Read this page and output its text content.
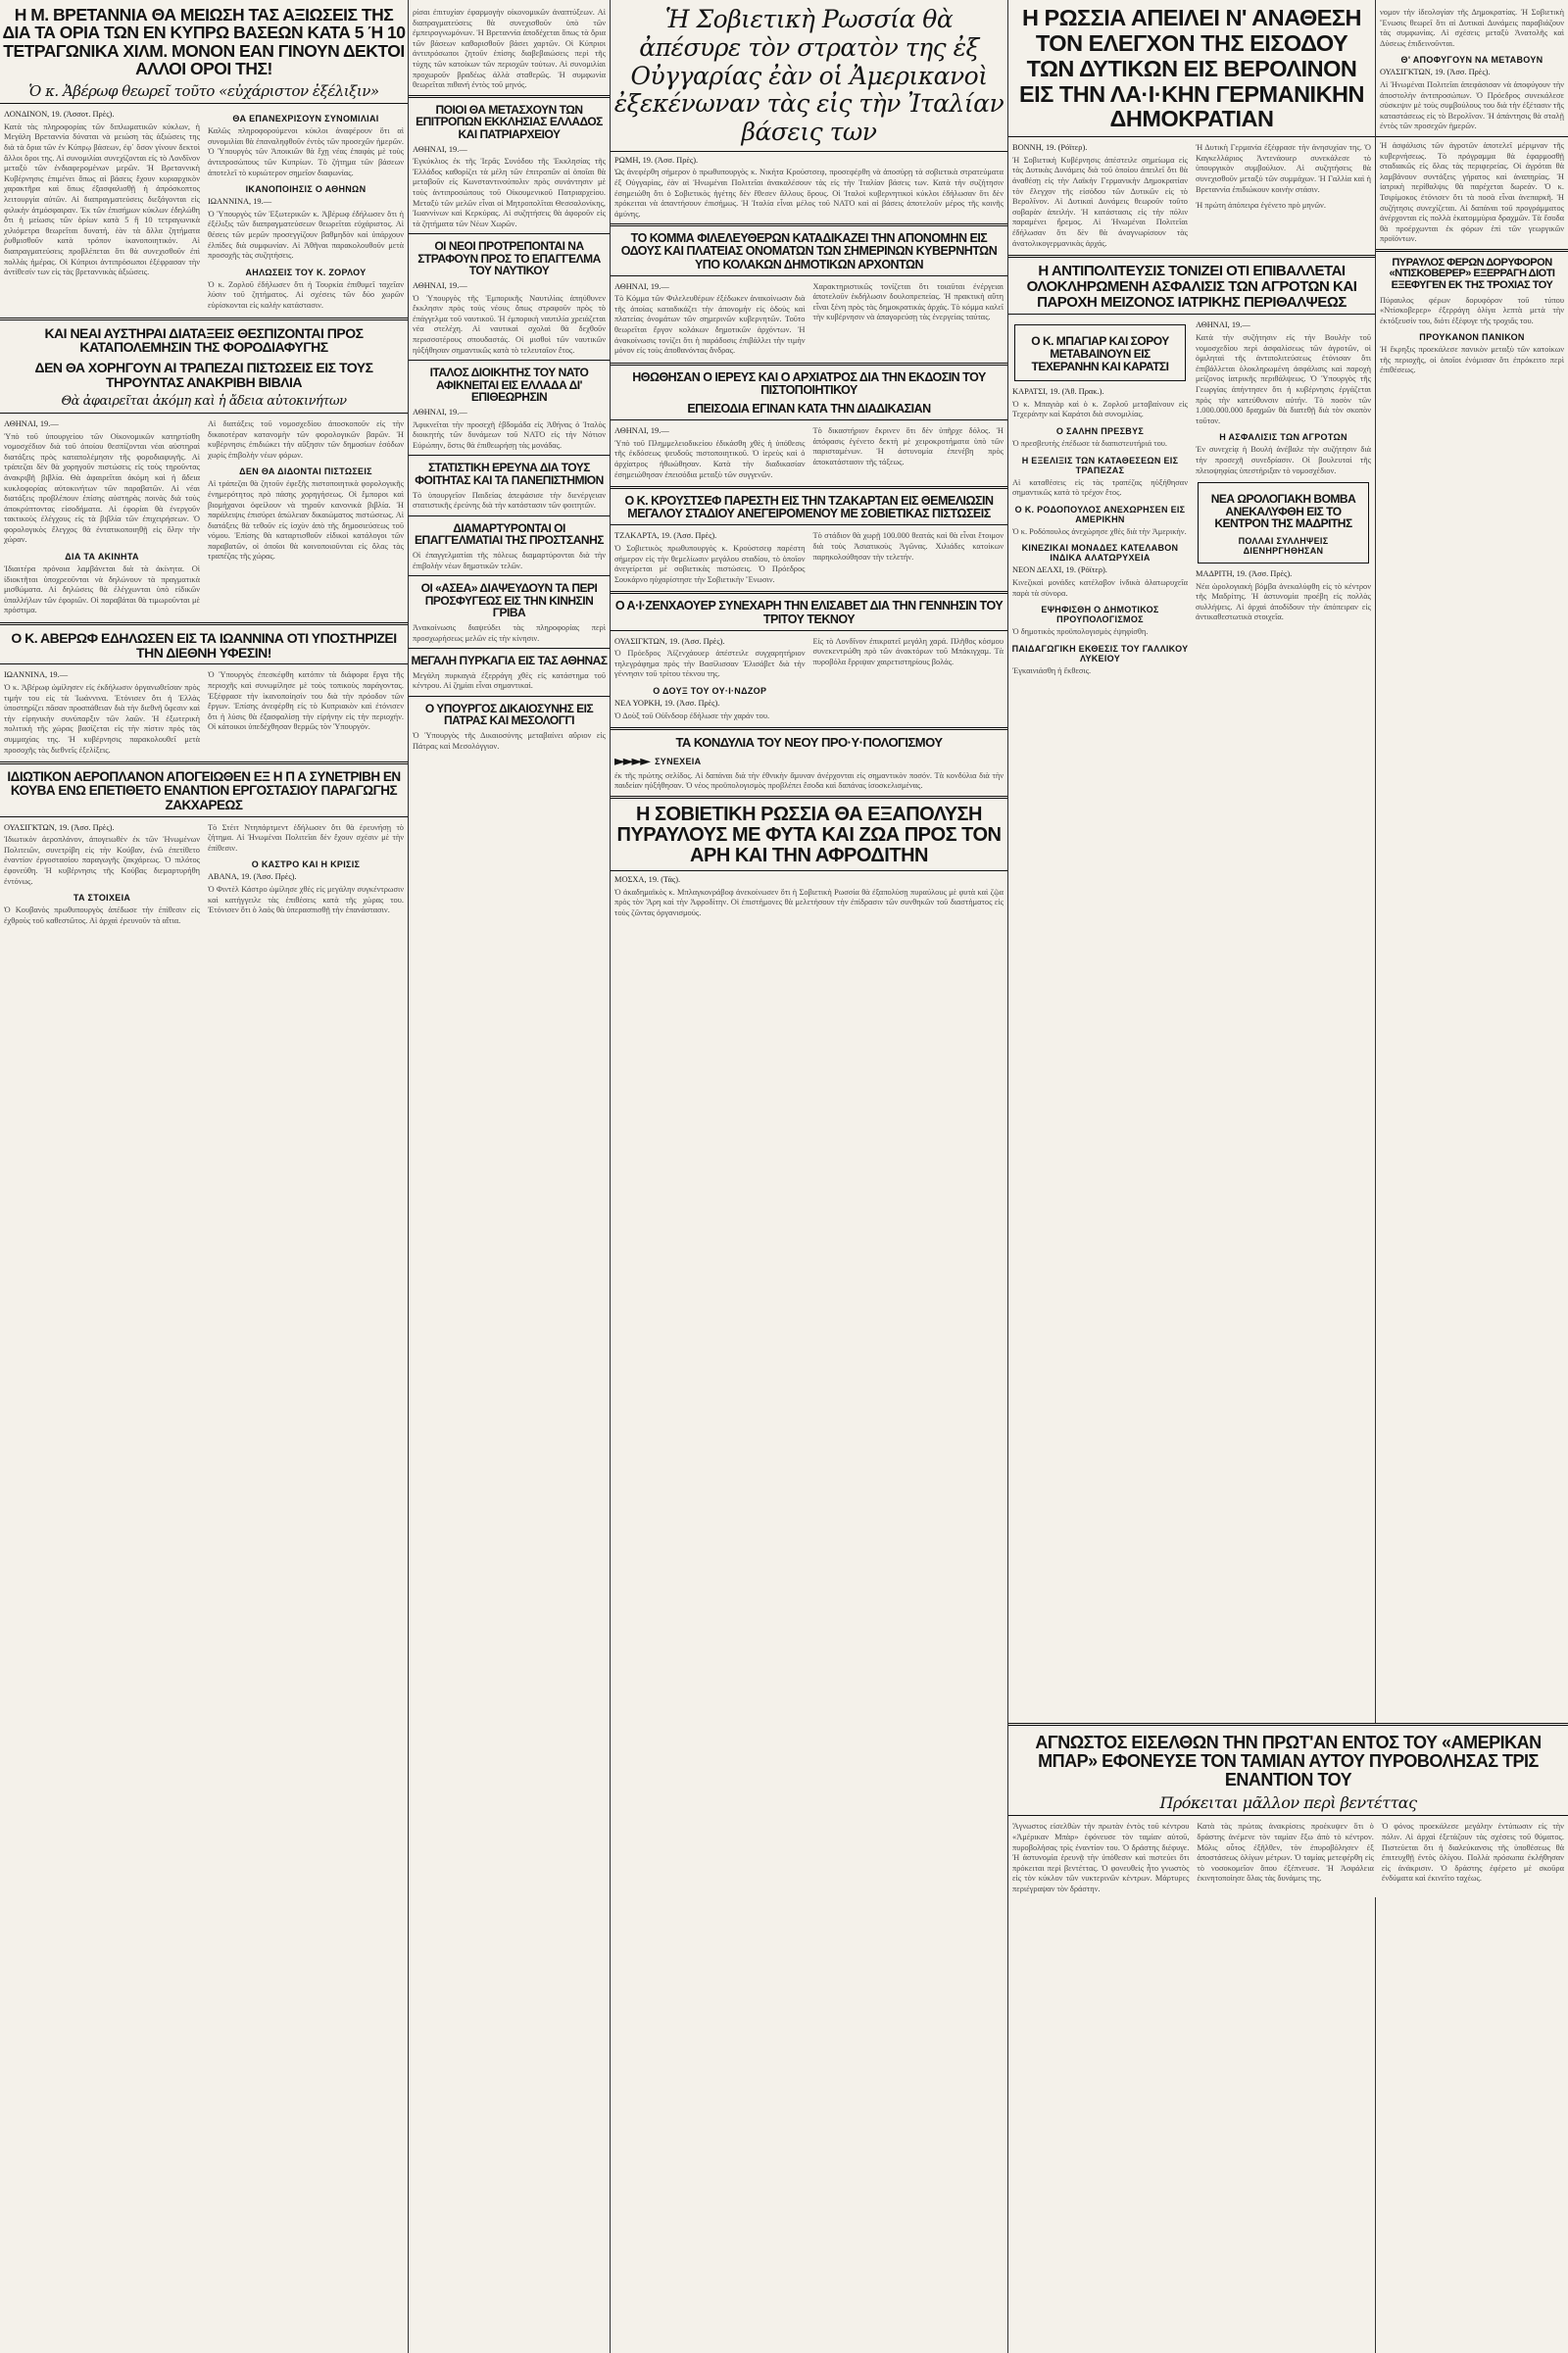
Η Μ. ΒΡΕΤΑΝΝΙΑ ΘΑ ΜΕΙΩΣΗ ΤΑΣ ΑΞΙΩΣΕΙΣ ΤΗΣ ΔΙΑ ΤΑ ΟΡΙΑ ΤΩΝ ΕΝ ΚΥΠΡΩ ΒΑΣΕΩΝ ΚΑΤΑ 5 Ή 10 ΤΕΤΡΑΓΩΝΙΚΑ ΧΙΛΜ. ΜΟΝΟΝ ΕΑΝ ΓΙΝΟΥΝ ΔΕΚΤΟΙ ΑΛΛΟΙ ΟΡΟΙ ΤΗΣ!
Ὁ κ. Ἀβέρωφ θεωρεῖ τοῦτο «εὐχάριστον ἐξέλιξιν»
ΛΟΝΔΙΝΟΝ, 19. (Ἀσσοτ. Πρὲς).
Κατὰ τὰς πληροφορίας τῶν διπλωματικῶν κύκλων, ἡ Μεγάλη Βρεταννία δύναται νὰ μειώση τὰς ἀξιώσεις της διὰ τὰ ὅρια τῶν ἐν Κύπρῳ βάσεων, ἐφ᾽ ὅσον γίνουν δεκτοὶ ἄλλοι ὅροι της. Αἱ συνομιλίαι συνεχίζονται εἰς τὸ Λονδῖνον μεταξὺ τῶν ἐνδιαφερομένων μερῶν. Ἡ Βρεταννικὴ Κυβέρνησις ἐπιμένει ὅπως αἱ βάσεις ἔχουν κυριαρχικὸν χαρακτῆρα καὶ ὅπως ἐξασφαλισθῇ ἡ ἀπρόσκοπτος λειτουργία αὐτῶν. Αἱ διαπραγματεύσεις διεξάγονται εἰς φιλικὴν ἀτμόσφαιραν. Ἐκ τῶν ἐπισήμων κύκλων ἐδηλώθη ὅτι ἡ μείωσις τῶν ὁρίων κατὰ 5 ἢ 10 τετραγωνικὰ χιλιόμετρα θεωρεῖται δυνατή, ἐὰν τὰ ἄλλα ζητήματα ῥυθμισθοῦν κατὰ τρόπον ἱκανοποιητικόν. Αἱ διαπραγματεύσεις προβλέπεται ὅτι θὰ συνεχισθοῦν ἐπὶ πολλὰς ἡμέρας. Οἱ Κύπριοι ἀντιπρόσωποι ἐξέφρασαν τὴν ἀντίθεσίν των εἰς τὰς βρεταννικὰς ἀξιώσεις.
ΘΑ ΕΠΑΝΕΧΡΙΣΟΥΝ ΣΥΝΟΜΙΛΙΑΙ
Καλῶς πληροφορούμενοι κύκλοι ἀναφέρουν ὅτι αἱ συνομιλίαι θὰ ἐπαναληφθοῦν ἐντὸς τῶν προσεχῶν ἡμερῶν. Ὁ Ὑπουργὸς τῶν Ἀποικιῶν θὰ ἔχῃ νέας ἐπαφὰς μὲ τοὺς ἀντιπροσώπους τῶν Κυπρίων. Τὸ ζήτημα τῶν βάσεων ἀποτελεῖ τὸ κυριώτερον σημεῖον διαφωνίας.
ΙΚΑΝΟΠΟΙΗΣΙΣ Ο ΑΘΗΝΩΝ
ΙΩΑΝΝΙΝΑ, 19.—
Ὁ Ὑπουργὸς τῶν Ἐξωτερικῶν κ. Ἀβέρωφ ἐδήλωσεν ὅτι ἡ ἐξέλιξις τῶν διαπραγματεύσεων θεωρεῖται εὐχάριστος. Αἱ θέσεις τῶν μερῶν προσεγγίζουν βαθμηδὸν καὶ ὑπάρχουν ἐλπίδες διὰ συμφωνίαν. Αἱ Ἀθῆναι παρακολουθοῦν μετὰ προσοχῆς τὰς συζητήσεις.
ΑΗΛΩΣΕΙΣ ΤΟΥ Κ. ΖΟΡΛΟΥ
Ὁ κ. Ζορλοῦ ἐδήλωσεν ὅτι ἡ Τουρκία ἐπιθυμεῖ ταχεῖαν λύσιν τοῦ ζητήματος. Αἱ σχέσεις τῶν δύο χωρῶν εὑρίσκονται εἰς καλὴν κατάστασιν.
ΚΑΙ ΝΕΑΙ ΑΥΣΤΗΡΑΙ ΔΙΑΤΑΞΕΙΣ ΘΕΣΠΙΖΟΝΤΑΙ ΠΡΟΣ ΚΑΤΑΠΟΛΕΜΗΣΙΝ ΤΗΣ ΦΟΡΟΔΙΑΦΥΓΗΣ
ΔΕΝ ΘΑ ΧΟΡΗΓΟΥΝ ΑΙ ΤΡΑΠΕΖΑΙ ΠΙΣΤΩΣΕΙΣ ΕΙΣ ΤΟΥΣ ΤΗΡΟΥΝΤΑΣ ΑΝΑΚΡΙΒΗ ΒΙΒΛΙΑ
Θὰ ἀφαιρεῖται ἀκόμη καὶ ἡ ἄδεια αὐτοκινήτων
ΑΘΗΝΑΙ, 19.—
Ὑπὸ τοῦ ὑπουργείου τῶν Οἰκονομικῶν κατηρτίσθη νομοσχέδιον διὰ τοῦ ὁποίου θεσπίζονται νέαι αὐστηραὶ διατάξεις πρὸς καταπολέμησιν τῆς φοροδιαφυγῆς. Αἱ τράπεζαι δὲν θὰ χορηγοῦν πιστώσεις εἰς τοὺς τηροῦντας ἀνακριβῆ βιβλία. Θὰ ἀφαιρεῖται ἀκόμη καὶ ἡ ἄδεια κυκλοφορίας αὐτοκινήτων τῶν παραβατῶν. Αἱ νέαι διατάξεις προβλέπουν ἐπίσης αὐστηρὰς ποινὰς διὰ τοὺς ἀποκρύπτοντας εἰσοδήματα. Αἱ ἐφορίαι θὰ ἐνεργοῦν τακτικοὺς ἐλέγχους εἰς τὰ βιβλία τῶν ἐπιχειρήσεων. Ὁ φορολογικὸς ἔλεγχος θὰ ἐντατικοποιηθῇ εἰς ὅλην τὴν χώραν.
ΔΙΑ ΤΑ ΑΚΙΝΗΤΑ
Ἰδιαιτέρα πρόνοια λαμβάνεται διὰ τὰ ἀκίνητα. Οἱ ἰδιοκτῆται ὑποχρεοῦνται νὰ δηλώνουν τὰ πραγματικὰ μισθώματα. Αἱ δηλώσεις θὰ ἐλέγχωνται ὑπὸ εἰδικῶν ὑπαλλήλων τῶν ἐφοριῶν. Οἱ παραβάται θὰ τιμωροῦνται μὲ πρόστιμα.
Αἱ διατάξεις τοῦ νομοσχεδίου ἀποσκοποῦν εἰς τὴν δικαιοτέραν κατανομὴν τῶν φορολογικῶν βαρῶν. Ἡ κυβέρνησις ἐπιδιώκει τὴν αὔξησιν τῶν δημοσίων ἐσόδων χωρὶς ἐπιβολὴν νέων φόρων.
ΔΕΝ ΘΑ ΔΙΔΟΝΤΑΙ ΠΙΣΤΩΣΕΙΣ
Αἱ τράπεζαι θὰ ζητοῦν ἐφεξῆς πιστοποιητικὰ φορολογικῆς ἐνημερότητος πρὸ πάσης χορηγήσεως. Οἱ ἔμποροι καὶ βιομήχανοι ὀφείλουν νὰ τηροῦν κανονικὰ βιβλία. Ἡ παράλειψις ἐπισύρει ἀπώλειαν δικαιώματος πιστώσεως. Αἱ διατάξεις θὰ τεθοῦν εἰς ἰσχὺν ἀπὸ τῆς δημοσιεύσεως τοῦ νόμου. Ἐπίσης θὰ καταρτισθοῦν εἰδικοὶ κατάλογοι τῶν παραβατῶν, οἱ ὁποῖοι θὰ κοινοποιοῦνται εἰς ὅλας τὰς τραπέζας τῆς χώρας.
Ο Κ. ΑΒΕΡΩΦ ΕΔΗΛΩΣΕΝ ΕΙΣ ΤΑ ΙΩΑΝΝΙΝΑ ΟΤΙ ΥΠΟΣΤΗΡΙΖΕΙ ΤΗΝ ΔΙΕΘΝΗ ΥΦΕΣΙΝ!
ΙΩΑΝΝΙΝΑ, 19.—
Ὁ κ. Ἀβέρωφ ὡμίλησεν εἰς ἐκδήλωσιν ὀργανωθεῖσαν πρὸς τιμήν του εἰς τὰ Ἰωάννινα. Ἐτόνισεν ὅτι ἡ Ἑλλὰς ὑποστηρίζει πᾶσαν προσπάθειαν διὰ τὴν διεθνῆ ὕφεσιν καὶ τὴν εἰρηνικὴν συνύπαρξιν τῶν λαῶν. Ἡ ἐξωτερικὴ πολιτικὴ τῆς χώρας βασίζεται εἰς τὴν πίστιν πρὸς τὰς συμμαχίας της. Ἡ κυβέρνησις παρακολουθεῖ μετὰ προσοχῆς τὰς διεθνεῖς ἐξελίξεις.
Ὁ Ὑπουργὸς ἐπεσκέφθη κατόπιν τὰ διάφορα ἔργα τῆς περιοχῆς καὶ συνωμίλησε μὲ τοὺς τοπικοὺς παράγοντας. Ἐξέφρασε τὴν ἱκανοποίησίν του διὰ τὴν πρόοδον τῶν ἔργων. Ἐπίσης ἀνεφέρθη εἰς τὸ Κυπριακὸν καὶ ἐτόνισεν ὅτι ἡ λύσις θὰ ἐξασφαλίσῃ τὴν εἰρήνην εἰς τὴν περιοχήν. Οἱ κάτοικοι ὑπεδέχθησαν θερμῶς τὸν Ὑπουργόν.
ΙΔΙΩΤΙΚΟΝ ΑΕΡΟΠΛΑΝΟΝ ΑΠΟΓΕΙΩΘΕΝ ΕΞ Η Π Α ΣΥΝΕΤΡΙΒΗ ΕΝ ΚΟΥΒΑ ΕΝΩ ΕΠΕΤΙΘΕΤΟ ΕΝΑΝΤΙΟΝ ΕΡΓΟΣΤΑΣΙΟΥ ΠΑΡΑΓΩΓΗΣ ΖΑΚΧΑΡΕΩΣ
ΟΥΑΣΙΓΚΤΩΝ, 19. (Ἀσσ. Πρὲς).
Ἰδιωτικὸν ἀεροπλάνον, ἀπογειωθὲν ἐκ τῶν Ἡνωμένων Πολιτειῶν, συνετρίβη εἰς τὴν Κούβαν, ἐνῶ ἐπετίθετο ἐναντίον ἐργοστασίου παραγωγῆς ζακχάρεως. Ὁ πιλότος ἐφονεύθη. Ἡ κυβέρνησις τῆς Κούβας διεμαρτυρήθη ἐντόνως.
ΤΑ ΣΤΟΙΧΕΙΑ
Ὁ Κουβανὸς πρωθυπουργὸς ἀπέδωσε τὴν ἐπίθεσιν εἰς ἐχθροὺς τοῦ καθεστῶτος. Αἱ ἀρχαὶ ἐρευνοῦν τὰ αἴτια.
Τὸ Στέιτ Ντηπάρτμεντ ἐδήλωσεν ὅτι θὰ ἐρευνήσῃ τὸ ζήτημα. Αἱ Ἡνωμέναι Πολιτεῖαι δὲν ἔχουν σχέσιν μὲ τὴν ἐπίθεσιν.
Ο ΚΑΣΤΡΟ ΚΑΙ Η ΚΡΙΣΙΣ
ΑΒΑΝΑ, 19. (Ἀσσ. Πρὲς).
Ὁ Φιντὲλ Κάστρο ὡμίλησε χθὲς εἰς μεγάλην συγκέντρωσιν καὶ κατήγγειλε τὰς ἐπιθέσεις κατὰ τῆς χώρας του. Ἐτόνισεν ὅτι ὁ λαὸς θὰ ὑπερασπισθῇ τὴν ἐπανάστασιν.
ρίσαι ἐπιτυχίαν ἐφαρμογὴν οἰκονομικῶν ἀναπτύξεων. Αἱ διαπραγματεύσεις θὰ συνεχισθοῦν ὑπὸ τῶν ἐμπειρογνωμόνων. Ἡ Βρεταννία ἀποδέχεται ὅπως τὰ ὅρια τῶν βάσεων καθορισθοῦν βάσει χαρτῶν. Οἱ Κύπριοι ἀντιπρόσωποι ζητοῦν ἐπίσης διαβεβαιώσεις περὶ τῆς τύχης τῶν κατοίκων τῶν περιοχῶν τούτων. Αἱ συνομιλίαι προχωροῦν βραδέως ἀλλὰ σταθερῶς. Ἡ συμφωνία θεωρεῖται πιθανή ἐντὸς τοῦ μηνός.
ΠΟΙΟΙ ΘΑ ΜΕΤΑΣΧΟΥΝ ΤΩΝ ΕΠΙΤΡΟΠΩΝ ΕΚΚΛΗΣΙΑΣ ΕΛΛΑΔΟΣ ΚΑΙ ΠΑΤΡΙΑΡΧΕΙΟΥ
ΑΘΗΝΑΙ, 19.—
Ἐγκύκλιος ἐκ τῆς Ἱερᾶς Συνόδου τῆς Ἐκκλησίας τῆς Ἑλλάδος καθορίζει τὰ μέλη τῶν ἐπιτροπῶν αἱ ὁποῖαι θὰ μεταβοῦν εἰς Κωνσταντινούπολιν πρὸς συνάντησιν μὲ τοὺς ἀντιπροσώπους τοῦ Οἰκουμενικοῦ Πατριαρχείου. Μεταξὺ τῶν μελῶν εἶναι οἱ Μητροπολῖται Θεσσαλονίκης, Ἰωαννίνων καὶ Κερκύρας. Αἱ συζητήσεις θὰ ἀφοροῦν εἰς τὰ ζητήματα τῶν Νέων Χωρῶν.
ΟΙ ΝΕΟΙ ΠΡΟΤΡΕΠΟΝΤΑΙ ΝΑ ΣΤΡΑΦΟΥΝ ΠΡΟΣ ΤΟ ΕΠΑΓΓΕΛΜΑ ΤΟΥ ΝΑΥΤΙΚΟΥ
ΑΘΗΝΑΙ, 19.—
Ὁ Ὑπουργὸς τῆς Ἐμπορικῆς Ναυτιλίας ἀπηύθυνεν ἔκκλησιν πρὸς τοὺς νέους ὅπως στραφοῦν πρὸς τὸ ἐπάγγελμα τοῦ ναυτικοῦ. Ἡ ἐμπορικὴ ναυτιλία χρειάζεται νέα στελέχη. Αἱ ναυτικαὶ σχολαὶ θὰ δεχθοῦν περισσοτέρους σπουδαστάς. Οἱ μισθοὶ τῶν ναυτικῶν ηὐξήθησαν σημαντικῶς κατὰ τὸ τελευταῖον ἔτος.
ΙΤΑΛΟΣ ΔΙΟΙΚΗΤΗΣ ΤΟΥ ΝΑΤΟ ΑΦΙΚΝΕΙΤΑΙ ΕΙΣ ΕΛΛΑΔΑ ΔΙ' ΕΠΙΘΕΩΡΗΣΙΝ
ΑΘΗΝΑΙ, 19.—
Ἀφικνεῖται τὴν προσεχῆ ἑβδομάδα εἰς Ἀθήνας ὁ Ἰταλὸς διοικητὴς τῶν δυνάμεων τοῦ ΝΑΤΟ εἰς τὴν Νότιον Εὐρώπην, ὅστις θὰ ἐπιθεωρήσῃ τὰς μονάδας.
ΣΤΑΤΙΣΤΙΚΗ ΕΡΕΥΝΑ ΔΙΑ ΤΟΥΣ ΦΟΙΤΗΤΑΣ ΚΑΙ ΤΑ ΠΑΝΕΠΙΣΤΗΜΙΟΝ
Τὸ ὑπουργεῖον Παιδείας ἀπεφάσισε τὴν διενέργειαν στατιστικῆς ἐρεύνης διὰ τὴν κατάστασιν τῶν φοιτητῶν.
ΔΙΑΜΑΡΤΥΡΟΝΤΑΙ ΟΙ ΕΠΑΓΓΕΛΜΑΤΙΑΙ ΤΗΣ ΠΡΟΣΤΣΑΝΗΣ
Οἱ ἐπαγγελματίαι τῆς πόλεως διαμαρτύρονται διὰ τὴν ἐπιβολὴν νέων δημοτικῶν τελῶν.
ΟΙ «ΑΣΕΑ» ΔΙΑΨΕΥΔΟΥΝ ΤΑ ΠΕΡΙ ΠΡΟΣΦΥΓΕΩΣ ΕΙΣ ΤΗΝ ΚΙΝΗΣΙΝ ΓΡΙΒΑ
Ἀνακοίνωσις διαψεύδει τὰς πληροφορίας περὶ προσχωρήσεως μελῶν εἰς τὴν κίνησιν.
ΜΕΓΑΛΗ ΠΥΡΚΑΓΙΑ ΕΙΣ ΤΑΣ ΑΘΗΝΑΣ
Μεγάλη πυρκαγιὰ ἐξερράγη χθὲς εἰς κατάστημα τοῦ κέντρου. Αἱ ζημίαι εἶναι σημαντικαί.
Ο ΥΠΟΥΡΓΟΣ ΔΙΚΑΙΟΣΥΝΗΣ ΕΙΣ ΠΑΤΡΑΣ ΚΑΙ ΜΕΣΟΛΟΓΓΙ
Ὁ Ὑπουργὸς τῆς Δικαιοσύνης μεταβαίνει αὔριον εἰς Πάτρας καὶ Μεσολόγγιον.
Ἡ Σοβιετικὴ Ρωσσία θὰ ἀπέσυρε τὸν στρατὸν της ἐξ Οὐγγαρίας ἐὰν οἱ Ἀμερικανοὶ ἐξεκένωναν τὰς εἰς τὴν Ἰταλίαν βάσεις των
ΡΩΜΗ, 19. (Ἀσσ. Πρὲς).
Ὡς ἀνεφέρθη σήμερον ὁ πρωθυπουργὸς κ. Νικήτα Κρούστσεφ, προσεφέρθη νὰ ἀποσύρῃ τὰ σοβιετικὰ στρατεύματα ἐξ Οὐγγαρίας, ἐὰν αἱ Ἡνωμέναι Πολιτεῖαι ἀνακαλέσουν τὰς εἰς τὴν Ἰταλίαν βάσεις των. Κατὰ τὴν συζήτησιν ἐσημειώθη ὅτι ὁ Σοβιετικὸς ἡγέτης δὲν ἔθεσεν ἄλλους ὅρους. Οἱ Ἰταλοὶ κυβερνητικοὶ κύκλοι ἐδήλωσαν ὅτι δὲν πρόκειται νὰ ἀπαντήσουν ἐπισήμως. Ἡ Ἰταλία εἶναι μέλος τοῦ ΝΑΤΟ καὶ αἱ βάσεις ἀποτελοῦν μέρος τῆς κοινῆς ἀμύνης.
ΤΟ ΚΟΜΜΑ ΦΙΛΕΛΕΥΘΕΡΩΝ ΚΑΤΑΔΙΚΑΖΕΙ ΤΗΝ ΑΠΟΝΟΜΗΝ ΕΙΣ ΟΔΟΥΣ ΚΑΙ ΠΛΑΤΕΙΑΣ ΟΝΟΜΑΤΩΝ ΤΩΝ ΣΗΜΕΡΙΝΩΝ ΚΥΒΕΡΝΗΤΩΝ ΥΠΟ ΚΟΛΑΚΩΝ ΔΗΜΟΤΙΚΩΝ ΑΡΧΟΝΤΩΝ
ΑΘΗΝΑΙ, 19.—
Τὸ Κόμμα τῶν Φιλελευθέρων ἐξέδωκεν ἀνακοίνωσιν διὰ τῆς ὁποίας καταδικάζει τὴν ἀπονομὴν εἰς ὁδοὺς καὶ πλατείας ὀνομάτων τῶν σημερινῶν κυβερνητῶν. Τοῦτο θεωρεῖται ἔργον κολάκων δημοτικῶν ἀρχόντων. Ἡ ἀνακοίνωσις τονίζει ὅτι ἡ παράδοσις ἐπιβάλλει τὴν τιμὴν μόνον εἰς τοὺς ἀποθανόντας ἄνδρας.
Χαρακτηριστικῶς τονίζεται ὅτι τοιαῦται ἐνέργειαι ἀποτελοῦν ἐκδήλωσιν δουλοπρεπείας. Ἡ πρακτικὴ αὕτη εἶναι ξένη πρὸς τὰς δημοκρατικὰς ἀρχάς. Τὸ κόμμα καλεῖ τὴν κυβέρνησιν νὰ ἀπαγορεύσῃ τὰς ἐνεργείας ταύτας.
ΗΘΩΘΗΣΑΝ Ο ΙΕΡΕΥΣ ΚΑΙ Ο ΑΡΧΙΑΤΡΟΣ ΔΙΑ ΤΗΝ ΕΚΔΟΣΙΝ ΤΟΥ ΠΙΣΤΟΠΟΙΗΤΙΚΟΥ
ΕΠΕΙΣΟΔΙΑ ΕΓΙΝΑΝ ΚΑΤΑ ΤΗΝ ΔΙΑΔΙΚΑΣΙΑΝ
ΑΘΗΝΑΙ, 19.—
Ὑπὸ τοῦ Πλημμελειοδικείου ἐδικάσθη χθὲς ἡ ὑπόθεσις τῆς ἐκδόσεως ψευδοῦς πιστοποιητικοῦ. Ὁ ἱερεὺς καὶ ὁ ἀρχίατρος ἠθωώθησαν. Κατὰ τὴν διαδικασίαν ἐσημειώθησαν ἐπεισόδια μεταξὺ τῶν συγγενῶν.
Τὸ δικαστήριον ἔκρινεν ὅτι δὲν ὑπῆρχε δόλος. Ἡ ἀπόφασις ἐγένετο δεκτὴ μὲ χειροκροτήματα ὑπὸ τῶν παρισταμένων. Ἡ ἀστυνομία ἐπενέβη πρὸς ἀποκατάστασιν τῆς τάξεως.
Ο Κ. ΚΡΟΥΣΤΣΕΦ ΠΑΡΕΣΤΗ ΕΙΣ ΤΗΝ ΤΖΑΚΑΡΤΑΝ ΕΙΣ ΘΕΜΕΛΙΩΣΙΝ ΜΕΓΑΛΟΥ ΣΤΑΔΙΟΥ ΑΝΕΓΕΙΡΟΜΕΝΟΥ ΜΕ ΣΟΒΙΕΤΙΚΑΣ ΠΙΣΤΩΣΕΙΣ
ΤΖΑΚΑΡΤΑ, 19. (Ἀσσ. Πρὲς).
Ὁ Σοβιετικὸς πρωθυπουργὸς κ. Κρούστσεφ παρέστη σήμερον εἰς τὴν θεμελίωσιν μεγάλου σταδίου, τὸ ὁποῖον ἀνεγείρεται μὲ σοβιετικὰς πιστώσεις. Ὁ Πρόεδρος Σουκάρνο ηὐχαρίστησε τὴν Σοβιετικὴν Ἕνωσιν.
Τὸ στάδιον θὰ χωρῇ 100.000 θεατάς καὶ θὰ εἶναι ἕτοιμον διὰ τοὺς Ἀσιατικοὺς Ἀγῶνας. Χιλιάδες κατοίκων παρηκολούθησαν τὴν τελετήν.
Ο Α·Ι·ΖΕΝΧΑΟΥΕΡ ΣΥΝΕΧΑΡΗ ΤΗΝ ΕΛΙΣΑΒΕΤ ΔΙΑ ΤΗΝ ΓΕΝΝΗΣΙΝ ΤΟΥ ΤΡΙΤΟΥ ΤΕΚΝΟΥ
ΟΥΑΣΙΓΚΤΩΝ, 19. (Ἀσσ. Πρὲς).
Ὁ Πρόεδρος Ἀϊζενχάουερ ἀπέστειλε συγχαρητήριον τηλεγράφημα πρὸς τὴν Βασίλισσαν Ἐλισάβετ διὰ τὴν γέννησιν τοῦ τρίτου τέκνου της.
Ο ΔΟΥΞ ΤΟΥ ΟΥ·Ι·ΝΔΖΟΡ
ΝΕΑ ΥΟΡΚΗ, 19. (Ἀσσ. Πρὲς).
Ὁ Δοὺξ τοῦ Οὐΐνδσορ ἐδήλωσε τὴν χαράν του.
Εἰς τὸ Λονδῖνον ἐπικρατεῖ μεγάλη χαρά. Πλῆθος κόσμου συνεκεντρώθη πρὸ τῶν ἀνακτόρων τοῦ Μπάκιγχαμ. Τὰ πυροβόλα ἔρριψαν χαιρετιστηρίους βολάς.
ΤΑ ΚΟΝΔΥΛΙΑ ΤΟΥ ΝΕΟΥ ΠΡΟ·Υ·ΠΟΛΟΓΙΣΜΟΥ
►►►► ΣΥΝΕΧΕΙΑ
ἐκ τῆς πρώτης σελίδος. Αἱ δαπάναι διὰ τὴν ἐθνικὴν ἄμυναν ἀνέρχονται εἰς σημαντικὸν ποσόν. Τὰ κονδύλια διὰ τὴν παιδείαν ηὐξήθησαν. Ὁ νέος προϋπολογισμὸς προβλέπει ἔσοδα καὶ δαπάνας ἰσοσκελισμένας.
Η ΣΟΒΙΕΤΙΚΗ ΡΩΣΣΙΑ ΘΑ ΕΞΑΠΟΛΥΣΗ ΠΥΡΑΥΛΟΥΣ ΜΕ ΦΥΤΑ ΚΑΙ ΖΩΑ ΠΡΟΣ ΤΟΝ ΑΡΗ ΚΑΙ ΤΗΝ ΑΦΡΟΔΙΤΗΝ
ΜΟΣΧΑ, 19. (Τάς).
Ὁ ἀκαδημαϊκὸς κ. Μπλαγκονράβοφ ἀνεκοίνωσεν ὅτι ἡ Σοβιετικὴ Ρωσσία θὰ ἐξαπολύσῃ πυραύλους μὲ φυτὰ καὶ ζῷα πρὸς τὸν Ἄρη καὶ τὴν Ἀφροδίτην. Οἱ ἐπιστήμονες θὰ μελετήσουν τὴν ἐπίδρασιν τῶν συνθηκῶν τοῦ διαστήματος εἰς τοὺς ζῶντας ὀργανισμούς.
Η ΡΩΣΣΙΑ ΑΠΕΙΛΕΙ Ν' ΑΝΑΘΕΣΗ ΤΟΝ ΕΛΕΓΧΟΝ ΤΗΣ ΕΙΣΟΔΟΥ ΤΩΝ ΔΥΤΙΚΩΝ ΕΙΣ ΒΕΡΟΛΙΝΟΝ ΕΙΣ ΤΗΝ ΛΑ·Ι·ΚΗΝ ΓΕΡΜΑΝΙΚΗΝ ΔΗΜΟΚΡΑΤΙΑΝ
ΒΟΝΝΗ, 19. (Ρόϊτερ).
Ἡ Σοβιετικὴ Κυβέρνησις ἀπέστειλε σημείωμα εἰς τὰς Δυτικὰς Δυνάμεις διὰ τοῦ ὁποίου ἀπειλεῖ ὅτι θὰ ἀναθέσῃ εἰς τὴν Λαϊκὴν Γερμανικὴν Δημοκρατίαν τὸν ἔλεγχον τῆς εἰσόδου τῶν Δυτικῶν εἰς τὸ Βερολῖνον. Αἱ Δυτικαὶ Δυνάμεις θεωροῦν τοῦτο σοβαρὰν ἀπειλήν. Ἡ κατάστασις εἰς τὴν πόλιν παραμένει ἤρεμος. Αἱ Ἡνωμέναι Πολιτεῖαι ἐδήλωσαν ὅτι δὲν θὰ ἀναγνωρίσουν τὰς ἀνατολικογερμανικὰς ἀρχάς.
Ἡ Δυτικὴ Γερμανία ἐξέφρασε τὴν ἀνησυχίαν της. Ὁ Καγκελλάριος Ἀντενάουερ συνεκάλεσε τὸ ὑπουργικὸν συμβούλιον. Αἱ συζητήσεις θὰ συνεχισθοῦν μεταξὺ τῶν συμμάχων. Ἡ Γαλλία καὶ ἡ Βρεταννία ἐπιδιώκουν κοινὴν στάσιν.
Ἡ πρώτη ἀπόπειρα ἐγένετο πρὸ μηνῶν.
Η ΑΝΤΙΠΟΛΙΤΕΥΣΙΣ ΤΟΝΙΖΕΙ ΟΤΙ ΕΠΙΒΑΛΛΕΤΑΙ ΟΛΟΚΛΗΡΩΜΕΝΗ ΑΣΦΑΛΙΣΙΣ ΤΩΝ ΑΓΡΟΤΩΝ ΚΑΙ ΠΑΡΟΧΗ ΜΕΙΖΟΝΟΣ ΙΑΤΡΙΚΗΣ ΠΕΡΙΘΑΛΨΕΩΣ
Ο Κ. ΜΠΑΓΙΑΡ ΚΑΙ ΣΟΡΟΥ ΜΕΤΑΒΑΙΝΟΥΝ ΕΙΣ ΤΕΧΕΡΑΝΗΝ ΚΑΙ ΚΑΡΑΤΣΙ
ΚΑΡΑΤΣΙ, 19. (Ἀθ. Πρακ.).
Ὁ κ. Μπαγιὰρ καὶ ὁ κ. Ζορλοῦ μεταβαίνουν εἰς Τεχεράνην καὶ Καράτσι διὰ συνομιλίας.
Ο ΣΑΛΗΝ ΠΡΕΣΒΥΣ
Ὁ πρεσβευτὴς ἐπέδωσε τὰ διαπιστευτήριά του.
Η ΕΞΕΛΙΞΙΣ ΤΩΝ ΚΑΤΑΘΕΣΕΩΝ ΕΙΣ ΤΡΑΠΕΖΑΣ
Αἱ καταθέσεις εἰς τὰς τραπέζας ηὐξήθησαν σημαντικῶς κατὰ τὸ τρέχον ἔτος.
Ο Κ. ΡΟΔΟΠΟΥΛΟΣ ΑΝΕΧΩΡΗΣΕΝ ΕΙΣ ΑΜΕΡΙΚΗΝ
Ὁ κ. Ροδόπουλος ἀνεχώρησε χθὲς διὰ τὴν Ἀμερικήν.
ΚΙΝΕΖΙΚΑΙ ΜΟΝΑΔΕΣ ΚΑΤΕΛΑΒΟΝ ΙΝΔΙΚΑ ΑΛΑΤΩΡΥΧΕΙΑ
ΝΕΟΝ ΔΕΛΧΙ, 19. (Ρόϊτερ).
Κινεζικαὶ μονάδες κατέλαβον ἰνδικὰ ἁλατωρυχεῖα παρὰ τὰ σύνορα.
ΕΨΗΦΙΣΘΗ Ο ΔΗΜΟΤΙΚΟΣ ΠΡΟΥΠΟΛΟΓΙΣΜΟΣ
Ὁ δημοτικὸς προϋπολογισμὸς ἐψηφίσθη.
ΠΑΙΔΑΓΩΓΙΚΗ ΕΚΘΕΣΙΣ ΤΟΥ ΓΑΛΛΙΚΟΥ ΛΥΚΕΙΟΥ
Ἐγκαινιάσθη ἡ ἔκθεσις.
ΑΘΗΝΑΙ, 19.—
Κατὰ τὴν συζήτησιν εἰς τὴν Βουλὴν τοῦ νομοσχεδίου περὶ ἀσφαλίσεως τῶν ἀγροτῶν, οἱ ὁμιληταὶ τῆς ἀντιπολιτεύσεως ἐτόνισαν ὅτι ἐπιβάλλεται ὁλοκληρωμένη ἀσφάλισις καὶ παροχὴ μείζονος ἰατρικῆς περιθάλψεως. Ὁ Ὑπουργὸς τῆς Γεωργίας ἀπήντησεν ὅτι ἡ κυβέρνησις ἐργάζεται πρὸς τὴν κατεύθυνσιν αὐτήν. Τὸ ποσὸν τῶν 1.000.000.000 δραχμῶν θὰ διατεθῇ διὰ τὸν σκοπὸν τοῦτον.
Η ΑΣΦΑΛΙΣΙΣ ΤΩΝ ΑΓΡΟΤΩΝ
Ἐν συνεχείᾳ ἡ Βουλὴ ἀνέβαλε τὴν συζήτησιν διὰ τὴν προσεχῆ συνεδρίασιν. Οἱ βουλευταὶ τῆς πλειοψηφίας ὑπεστήριξαν τὸ νομοσχέδιον.
ΝΕΑ ΩΡΟΛΟΓΙΑΚΗ ΒΟΜΒΑ ΑΝΕΚΑΛΥΦΘΗ ΕΙΣ ΤΟ ΚΕΝΤΡΟΝ ΤΗΣ ΜΑΔΡΙΤΗΣ
ΠΟΛΛΑΙ ΣΥΛΛΗΨΕΙΣ ΔΙΕΝΗΡΓΗΘΗΣΑΝ
ΜΑΔΡΙΤΗ, 19. (Ἀσσ. Πρὲς).
Νέα ὡρολογιακὴ βόμβα ἀνεκαλύφθη εἰς τὸ κέντρον τῆς Μαδρίτης. Ἡ ἀστυνομία προέβη εἰς πολλὰς συλλήψεις. Αἱ ἀρχαὶ ἀποδίδουν τὴν ἀπόπειραν εἰς ἀντικαθεστωτικὰ στοιχεῖα.
νομον τὴν ἰδεολογίαν τῆς Δημοκρατίας. Ἡ Σοβιετικὴ Ἕνωσις θεωρεῖ ὅτι αἱ Δυτικαὶ Δυνάμεις παραβιάζουν τὰς συμφωνίας. Αἱ σχέσεις μεταξὺ Ἀνατολῆς καὶ Δύσεως ἐπιδεινοῦνται.
Θ' ΑΠΟΦΥΓΟΥΝ ΝΑ ΜΕΤΑΒΟΥΝ
ΟΥΑΣΙΓΚΤΩΝ, 19. (Ἀσσ. Πρὲς).
Αἱ Ἡνωμέναι Πολιτεῖαι ἀπεφάσισαν νὰ ἀποφύγουν τὴν ἀποστολὴν ἀντιπροσώπων. Ὁ Πρόεδρος συνεκάλεσε σύσκεψιν μὲ τοὺς συμβούλους του διὰ τὴν ἐξέτασιν τῆς καταστάσεως εἰς τὸ Βερολῖνον. Ἡ ἀπάντησις θὰ σταλῇ ἐντὸς τῶν προσεχῶν ἡμερῶν.
Ἡ ἀσφάλισις τῶν ἀγροτῶν ἀποτελεῖ μέριμναν τῆς κυβερνήσεως. Τὸ πρόγραμμα θὰ ἐφαρμοσθῇ σταδιακῶς εἰς ὅλας τὰς περιφερείας. Οἱ ἀγρόται θὰ λαμβάνουν συντάξεις γήρατος καὶ ἀναπηρίας. Ἡ ἰατρικὴ περίθαλψις θὰ παρέχεται δωρεάν. Ὁ κ. Τσιρίμοκος ἐτόνισεν ὅτι τὰ ποσὰ εἶναι ἀνεπαρκῆ. Ἡ συζήτησις συνεχίζεται. Αἱ δαπάναι τοῦ προγράμματος ἀνέρχονται εἰς πολλὰ ἑκατομμύρια δραχμῶν. Τὰ ἔσοδα θὰ προέρχωνται ἐκ φόρων ἐπὶ τῶν γεωργικῶν προϊόντων.
ΠΥΡΑΥΛΟΣ ΦΕΡΩΝ ΔΟΡΥΦΟΡΟΝ «ΝΤΙΣΚΟΒΕΡΕΡ» ΕΞΕΡΡΑΓΗ ΔΙΟΤΙ ΕΞΕΦΥΓΕΝ ΕΚ ΤΗΣ ΤΡΟΧΙΑΣ ΤΟΥ
Πύραυλος φέρων δορυφόρον τοῦ τύπου «Ντίσκοβερερ» ἐξερράγη ὀλίγα λεπτὰ μετὰ τὴν ἐκτόξευσίν του, διότι ἐξέφυγε τῆς τροχιᾶς του.
ΠΡΟΥΚΑΝΟΝ ΠΑΝΙΚΟΝ
Ἡ ἔκρηξις προεκάλεσε πανικὸν μεταξὺ τῶν κατοίκων τῆς περιοχῆς, οἱ ὁποῖοι ἐνόμισαν ὅτι ἐπρόκειτο περὶ ἐπιθέσεως.
ΑΓΝΩΣΤΟΣ ΕΙΣΕΛΘΩΝ ΤΗΝ ΠΡΩΤ'ΑΝ ΕΝΤΟΣ ΤΟΥ «ΑΜΕΡΙΚΑΝ ΜΠΑΡ» ΕΦΟΝΕΥΣΕ ΤΟΝ ΤΑΜΙΑΝ ΑΥΤΟΥ ΠΥΡΟΒΟΛΗΣΑΣ ΤΡΙΣ ΕΝΑΝΤΙΟΝ ΤΟΥ
Πρόκειται μᾶλλον περὶ βεντέττας
Ἄγνωστος εἰσελθὼν τὴν πρωτὰν ἐντὸς τοῦ κέντρου «Ἀμέρικαν Μπὰρ» ἐφόνευσε τὸν ταμίαν αὐτοῦ, πυροβολήσας τρὶς ἐναντίον του. Ὁ δράστης διέφυγε. Ἡ ἀστυνομία ἐρευνᾷ τὴν ὑπόθεσιν καὶ πιστεύει ὅτι πρόκειται περὶ βεντέττας. Ὁ φονευθεὶς ἦτο γνωστὸς εἰς τὸν κύκλον τῶν νυκτερινῶν κέντρων. Μάρτυρες περιέγραψαν τὸν δράστην.
Κατὰ τὰς πρώτας ἀνακρίσεις προέκυψεν ὅτι ὁ δράστης ἀνέμενε τὸν ταμίαν ἔξω ἀπὸ τὸ κέντρον. Μόλις οὗτος ἐξῆλθεν, τὸν ἐπυροβόλησεν ἐξ ἀποστάσεως ὀλίγων μέτρων. Ὁ ταμίας μετεφέρθη εἰς τὸ νοσοκομεῖον ὅπου ἐξέπνευσε. Ἡ Ἀσφάλεια ἐκινητοποίησε ὅλας τὰς δυνάμεις της.
Ὁ φόνος προεκάλεσε μεγάλην ἐντύπωσιν εἰς τὴν πόλιν. Αἱ ἀρχαὶ ἐξετάζουν τὰς σχέσεις τοῦ θύματος. Πιστεύεται ὅτι ἡ διαλεύκανσις τῆς ὑποθέσεως θὰ ἐπιτευχθῇ ἐντὸς ὀλίγου. Πολλὰ πρόσωπα ἐκλήθησαν εἰς ἀνάκρισιν. Ὁ δράστης ἐφέρετο μὲ σκοῦρα ἐνδύματα καὶ ἐκινεῖτο ταχέως.
